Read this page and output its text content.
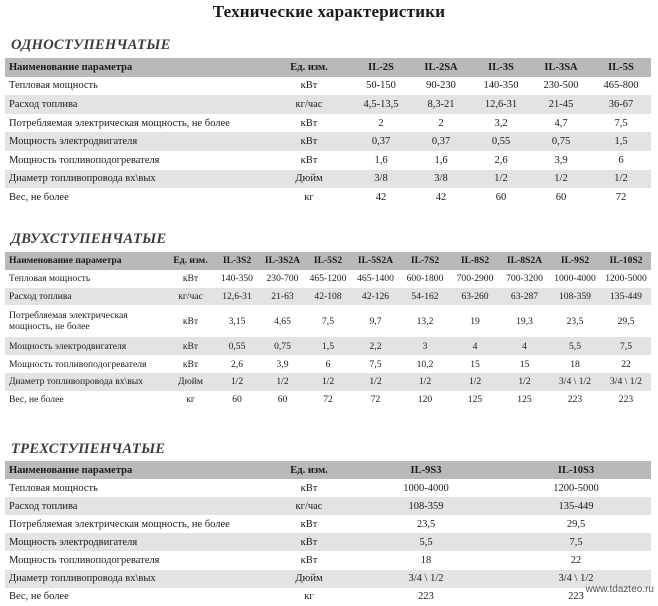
Технические характеристики
ОДНОСТУПЕНЧАТЫЕ
Наименование параметра	Ед. изм.	IL-2S	IL-2SA	IL-3S	IL-3SA	IL-5S
Тепловая мощность	кВт	50-150	90-230	140-350	230-500	465-800
Расход топлива	кг/час	4,5-13,5	8,3-21	12,6-31	21-45	36-67
Потребляемая электрическая мощность, не более	кВт	2	2	3,2	4,7	7,5
Мощность электродвигателя	кВт	0,37	0,37	0,55	0,75	1,5
Мощность топливоподогревателя	кВт	1,6	1,6	2,6	3,9	6
Диаметр топливопровода вх\вых	Дюйм	3/8	3/8	1/2	1/2	1/2
Вес, не более	кг	42	42	60	60	72
ДВУХСТУПЕНЧАТЫЕ
Наименование параметра	Ед. изм.	IL-3S2	IL-3S2A	IL-5S2	IL-5S2A	IL-7S2	IL-8S2	IL-8S2A	IL-9S2	IL-10S2
Тепловая мощность	кВт	140-350	230-700	465-1200	465-1400	600-1800	700-2900	700-3200	1000-4000	1200-5000
Расход топлива	кг/час	12,6-31	21-63	42-108	42-126	54-162	63-260	63-287	108-359	135-449
Потребляемая электрическая мощность, не более	кВт	3,15	4,65	7,5	9,7	13,2	19	19,3	23,5	29,5
Мощность электродвигателя	кВт	0,55	0,75	1,5	2,2	3	4	4	5,5	7,5
Мощность топливоподогревателя	кВт	2,6	3,9	6	7,5	10,2	15	15	18	22
Диаметр топливопровода вх\вых	Дюйм	1/2	1/2	1/2	1/2	1/2	1/2	1/2	3/4 \ 1/2	3/4 \ 1/2
Вес, не более	кг	60	60	72	72	120	125	125	223	223
ТРЕХСТУПЕНЧАТЫЕ
Наименование параметра	Ед. изм.	IL-9S3	IL-10S3
Тепловая мощность	кВт	1000-4000	1200-5000
Расход топлива	кг/час	108-359	135-449
Потребляемая электрическая мощность, не более	кВт	23,5	29,5
Мощность электродвигателя	кВт	5,5	7,5
Мощность топливоподогревателя	кВт	18	22
Диаметр топливопровода вх\вых	Дюйм	3/4 \ 1/2	3/4 \ 1/2
Вес, не более	кг	223	223
www.tdazteo.ru
